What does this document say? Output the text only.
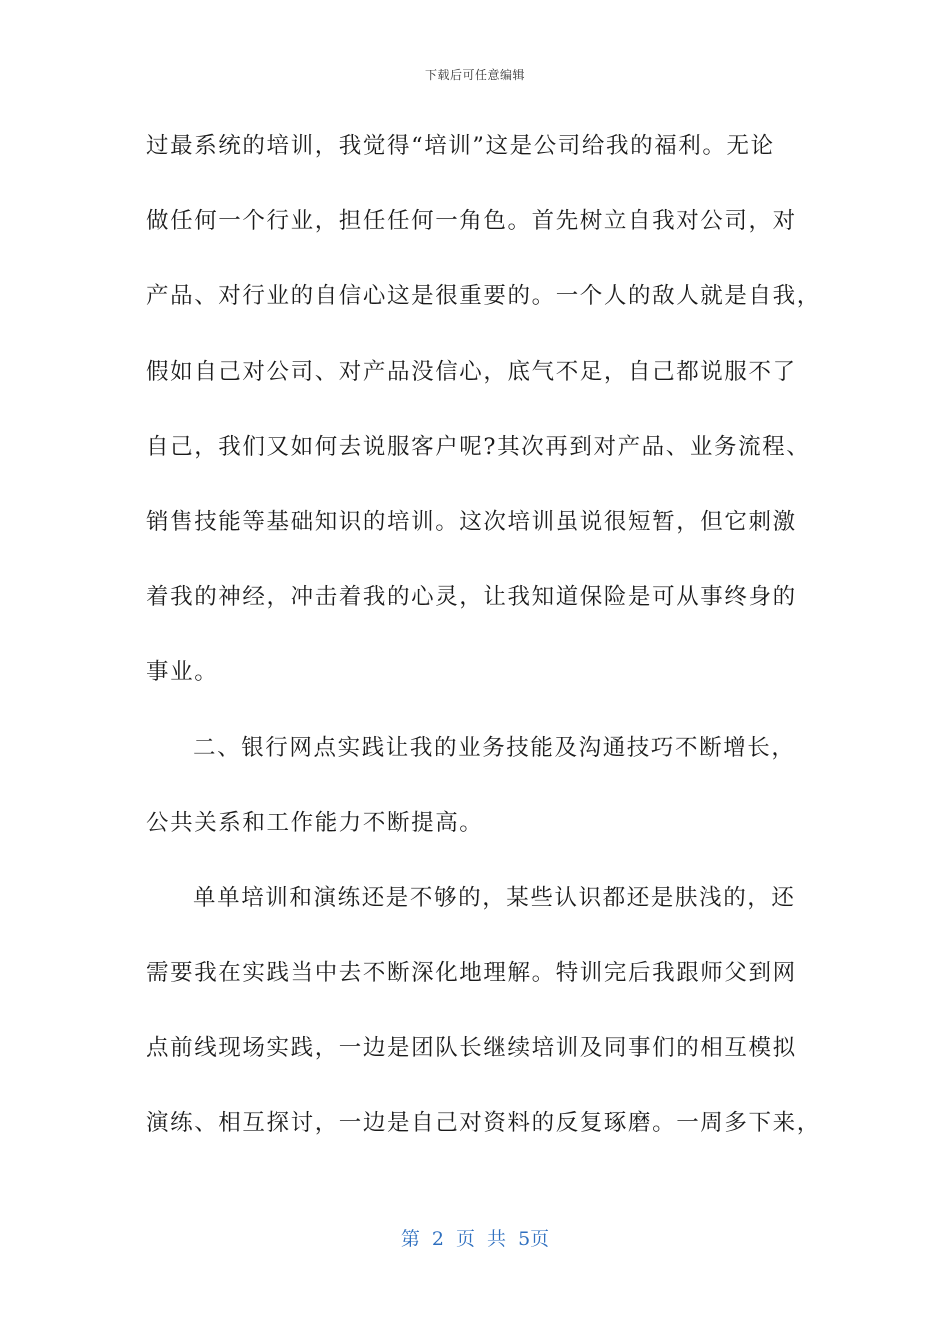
下载后可任意编辑
过最系统的培训，我觉得“培训”这是公司给我的福利。无论
做任何一个行业，担任任何一角色。首先树立自我对公司，对
产品、对行业的自信心这是很重要的。一个人的敌人就是自我，
假如自己对公司、对产品没信心，底气不足，自己都说服不了
自己，我们又如何去说服客户呢?其次再到对产品、业务流程、
销售技能等基础知识的培训。这次培训虽说很短暂，但它刺激
着我的神经，冲击着我的心灵，让我知道保险是可从事终身的
事业。
二、银行网点实践让我的业务技能及沟通技巧不断增长，
公共关系和工作能力不断提高。
单单培训和演练还是不够的，某些认识都还是肤浅的，还
需要我在实践当中去不断深化地理解。特训完后我跟师父到网
点前线现场实践，一边是团队长继续培训及同事们的相互模拟
演练、相互探讨，一边是自己对资料的反复琢磨。一周多下来，
第 2 页 共 5页
